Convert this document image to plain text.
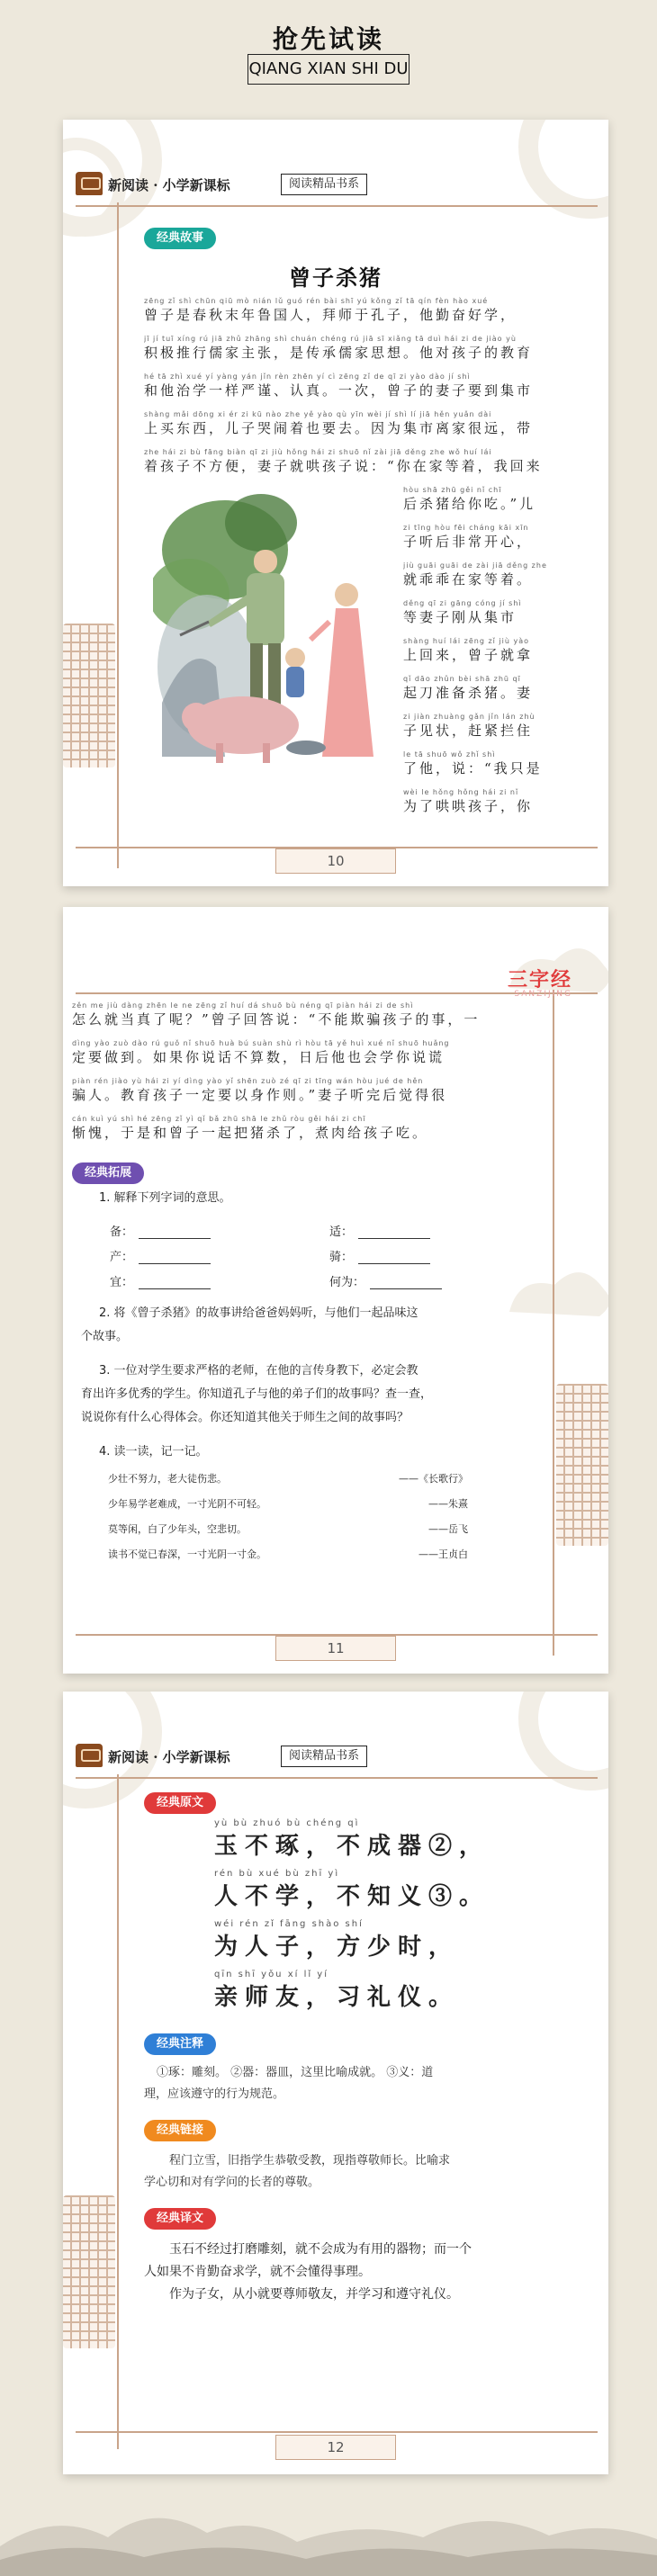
抢先试读
QIANG XIAN SHI DU
新阅读 · 小学新课标	阅读精品书系
经典故事
曾子杀猪
zēng zǐ shì chūn qiū mò nián lǔ guó rén bài shī yú kǒng zǐ tā qín fèn hào xué
曾子是春秋末年鲁国人，拜师于孔子，他勤奋好学，
jī jí tuī xíng rú jiā zhǔ zhāng shì chuán chéng rú jiā sī xiǎng tā duì hái zi de jiào yù
积极推行儒家主张，是传承儒家思想。他对孩子的教育
hé tā zhì xué yí yàng yán jǐn rèn zhēn yí cì zēng zǐ de qī zi yào dào jí shì
和他治学一样严谨、认真。一次，曾子的妻子要到集市
shàng mǎi dōng xi ér zi kū nào zhe yě yào qù yīn wèi jí shì lí jiā hěn yuǎn dài
上买东西，儿子哭闹着也要去。因为集市离家很远，带
zhe hái zi bù fāng biàn qī zi jiù hǒng hái zi shuō nǐ zài jiā děng zhe wǒ huí lái
着孩子不方便，妻子就哄孩子说：“你在家等着，我回来
hòu shā zhū gěi nǐ chī
后杀猪给你吃。”儿
zi tīng hòu fēi cháng kāi xīn
子听后非常开心，
jiù guāi guāi de zài jiā děng zhe
就乖乖在家等着。
děng qī zi gāng cóng jí shì
等妻子刚从集市
shàng huí lái zēng zǐ jiù yào
上回来，曾子就拿
qǐ dāo zhǔn bèi shā zhū qī
起刀准备杀猪。妻
zi jiàn zhuàng gǎn jǐn lán zhù
子见状，赶紧拦住
le tā shuō wǒ zhǐ shì
了他，说：“我只是
wèi le hǒng hǒng hái zi nǐ
为了哄哄孩子，你
10
三字经
SANZIJING
zěn me jiù dàng zhēn le ne zēng zǐ huí dá shuō bù néng qī piàn hái zi de shì
怎么就当真了呢？”曾子回答说：“不能欺骗孩子的事，一
dìng yào zuò dào rú guǒ nǐ shuō huà bú suàn shù rì hòu tā yě huì xué nǐ shuō huǎng
定要做到。如果你说话不算数，日后他也会学你说谎
piàn rén jiào yù hái zi yí dìng yào yǐ shēn zuò zé qī zi tīng wán hòu jué de hěn
骗人。教育孩子一定要以身作则。”妻子听完后觉得很
cán kuì yú shì hé zēng zǐ yì qǐ bǎ zhū shā le zhǔ ròu gěi hái zi chī
惭愧，于是和曾子一起把猪杀了，煮肉给孩子吃。
经典拓展
1. 解释下列字词的意思。
备：	适：
产：	骑：
宜：	何为：
2. 将《曾子杀猪》的故事讲给爸爸妈妈听，与他们一起品味这
个故事。
3. 一位对学生要求严格的老师，在他的言传身教下，必定会教
育出许多优秀的学生。你知道孔子与他的弟子们的故事吗？查一查，
说说你有什么心得体会。你还知道其他关于师生之间的故事吗？
4. 读一读，记一记。
少壮不努力，老大徒伤悲。	——《长歌行》
少年易学老难成，一寸光阴不可轻。	——朱熹
莫等闲，白了少年头，空悲切。	——岳飞
读书不觉已春深，一寸光阴一寸金。	——王贞白
11
新阅读 · 小学新课标	阅读精品书系
经典原文
yù bù zhuó bù chéng qì
玉不琢，不成器②，
rén bù xué bù zhī yì
人不学，不知义③。
wéi rén zǐ fāng shào shí
为人子，方少时，
qīn shī yǒu xí lǐ yí
亲师友，习礼仪。
经典注释
①琢：雕刻。 ②器：器皿，这里比喻成就。 ③义：道
理，应该遵守的行为规范。
经典链接
程门立雪，旧指学生恭敬受教，现指尊敬师长。比喻求
学心切和对有学问的长者的尊敬。
经典译文
玉石不经过打磨雕刻，就不会成为有用的器物；而一个
人如果不肯勤奋求学，就不会懂得事理。
作为子女，从小就要尊师敬友，并学习和遵守礼仪。
12
